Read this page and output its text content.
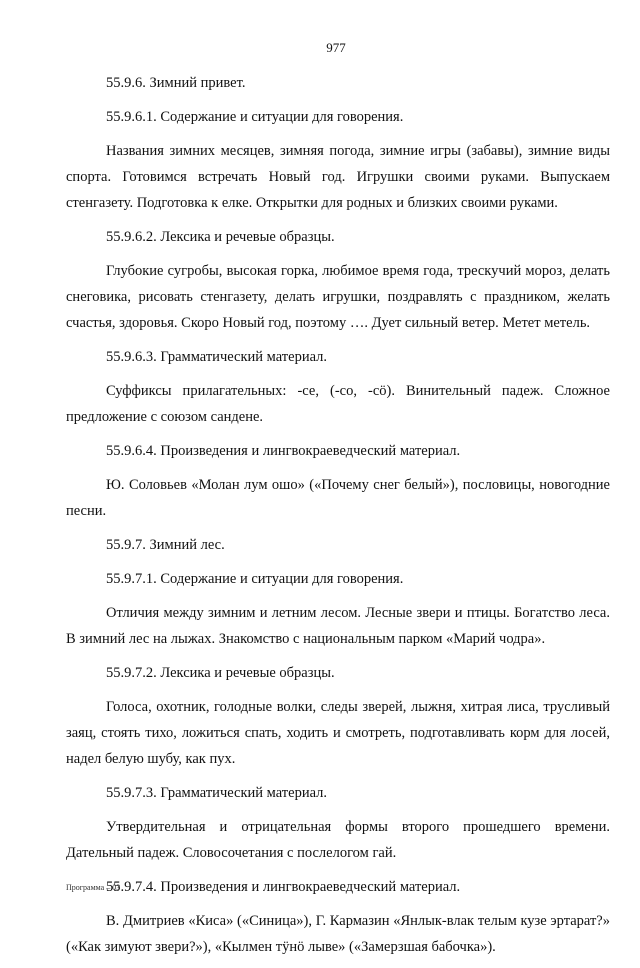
977

55.9.6. Зимний привет.

55.9.6.1. Содержание и ситуации для говорения.

Названия зимних месяцев, зимняя погода, зимние игры (забавы), зимние виды спорта. Готовимся встречать Новый год. Игрушки своими руками. Выпускаем стенгазету. Подготовка к елке. Открытки для родных и близких своими руками.

55.9.6.2. Лексика и речевые образцы.

Глубокие сугробы, высокая горка, любимое время года, трескучий мороз, делать снеговика, рисовать стенгазету, делать игрушки, поздравлять с праздником, желать счастья, здоровья. Скоро Новый год, поэтому …. Дует сильный ветер. Метет метель.

55.9.6.3. Грамматический материал.

Суффиксы прилагательных: -се, (-со, -сӧ). Винительный падеж. Сложное предложение с союзом сандене.

55.9.6.4. Произведения и лингвокраеведческий материал.

Ю. Соловьев «Молан лум ошо» («Почему снег белый»), пословицы, новогодние песни.

55.9.7. Зимний лес.

55.9.7.1. Содержание и ситуации для говорения.

Отличия между зимним и летним лесом. Лесные звери и птицы. Богатство леса. В зимний лес на лыжах. Знакомство с национальным парком «Марий чодра».

55.9.7.2. Лексика и речевые образцы.

Голоса, охотник, голодные волки, следы зверей, лыжня, хитрая лиса, трусливый заяц, стоять тихо, ложиться спать, ходить и смотреть, подготавливать корм для лосей, надел белую шубу, как пух.

55.9.7.3. Грамматический материал.

Утвердительная и отрицательная формы второго прошедшего времени. Дательный падеж. Словосочетания с послелогом гай.

55.9.7.4. Произведения и лингвокраеведческий материал.

В. Дмитриев «Киса» («Синица»), Г. Кармазин «Янлык-влак телым кузе эртарат?» («Как зимуют звери?»), «Кылмен тӱнӧ лыве» («Замерзшая бабочка»).

Программа – 03
